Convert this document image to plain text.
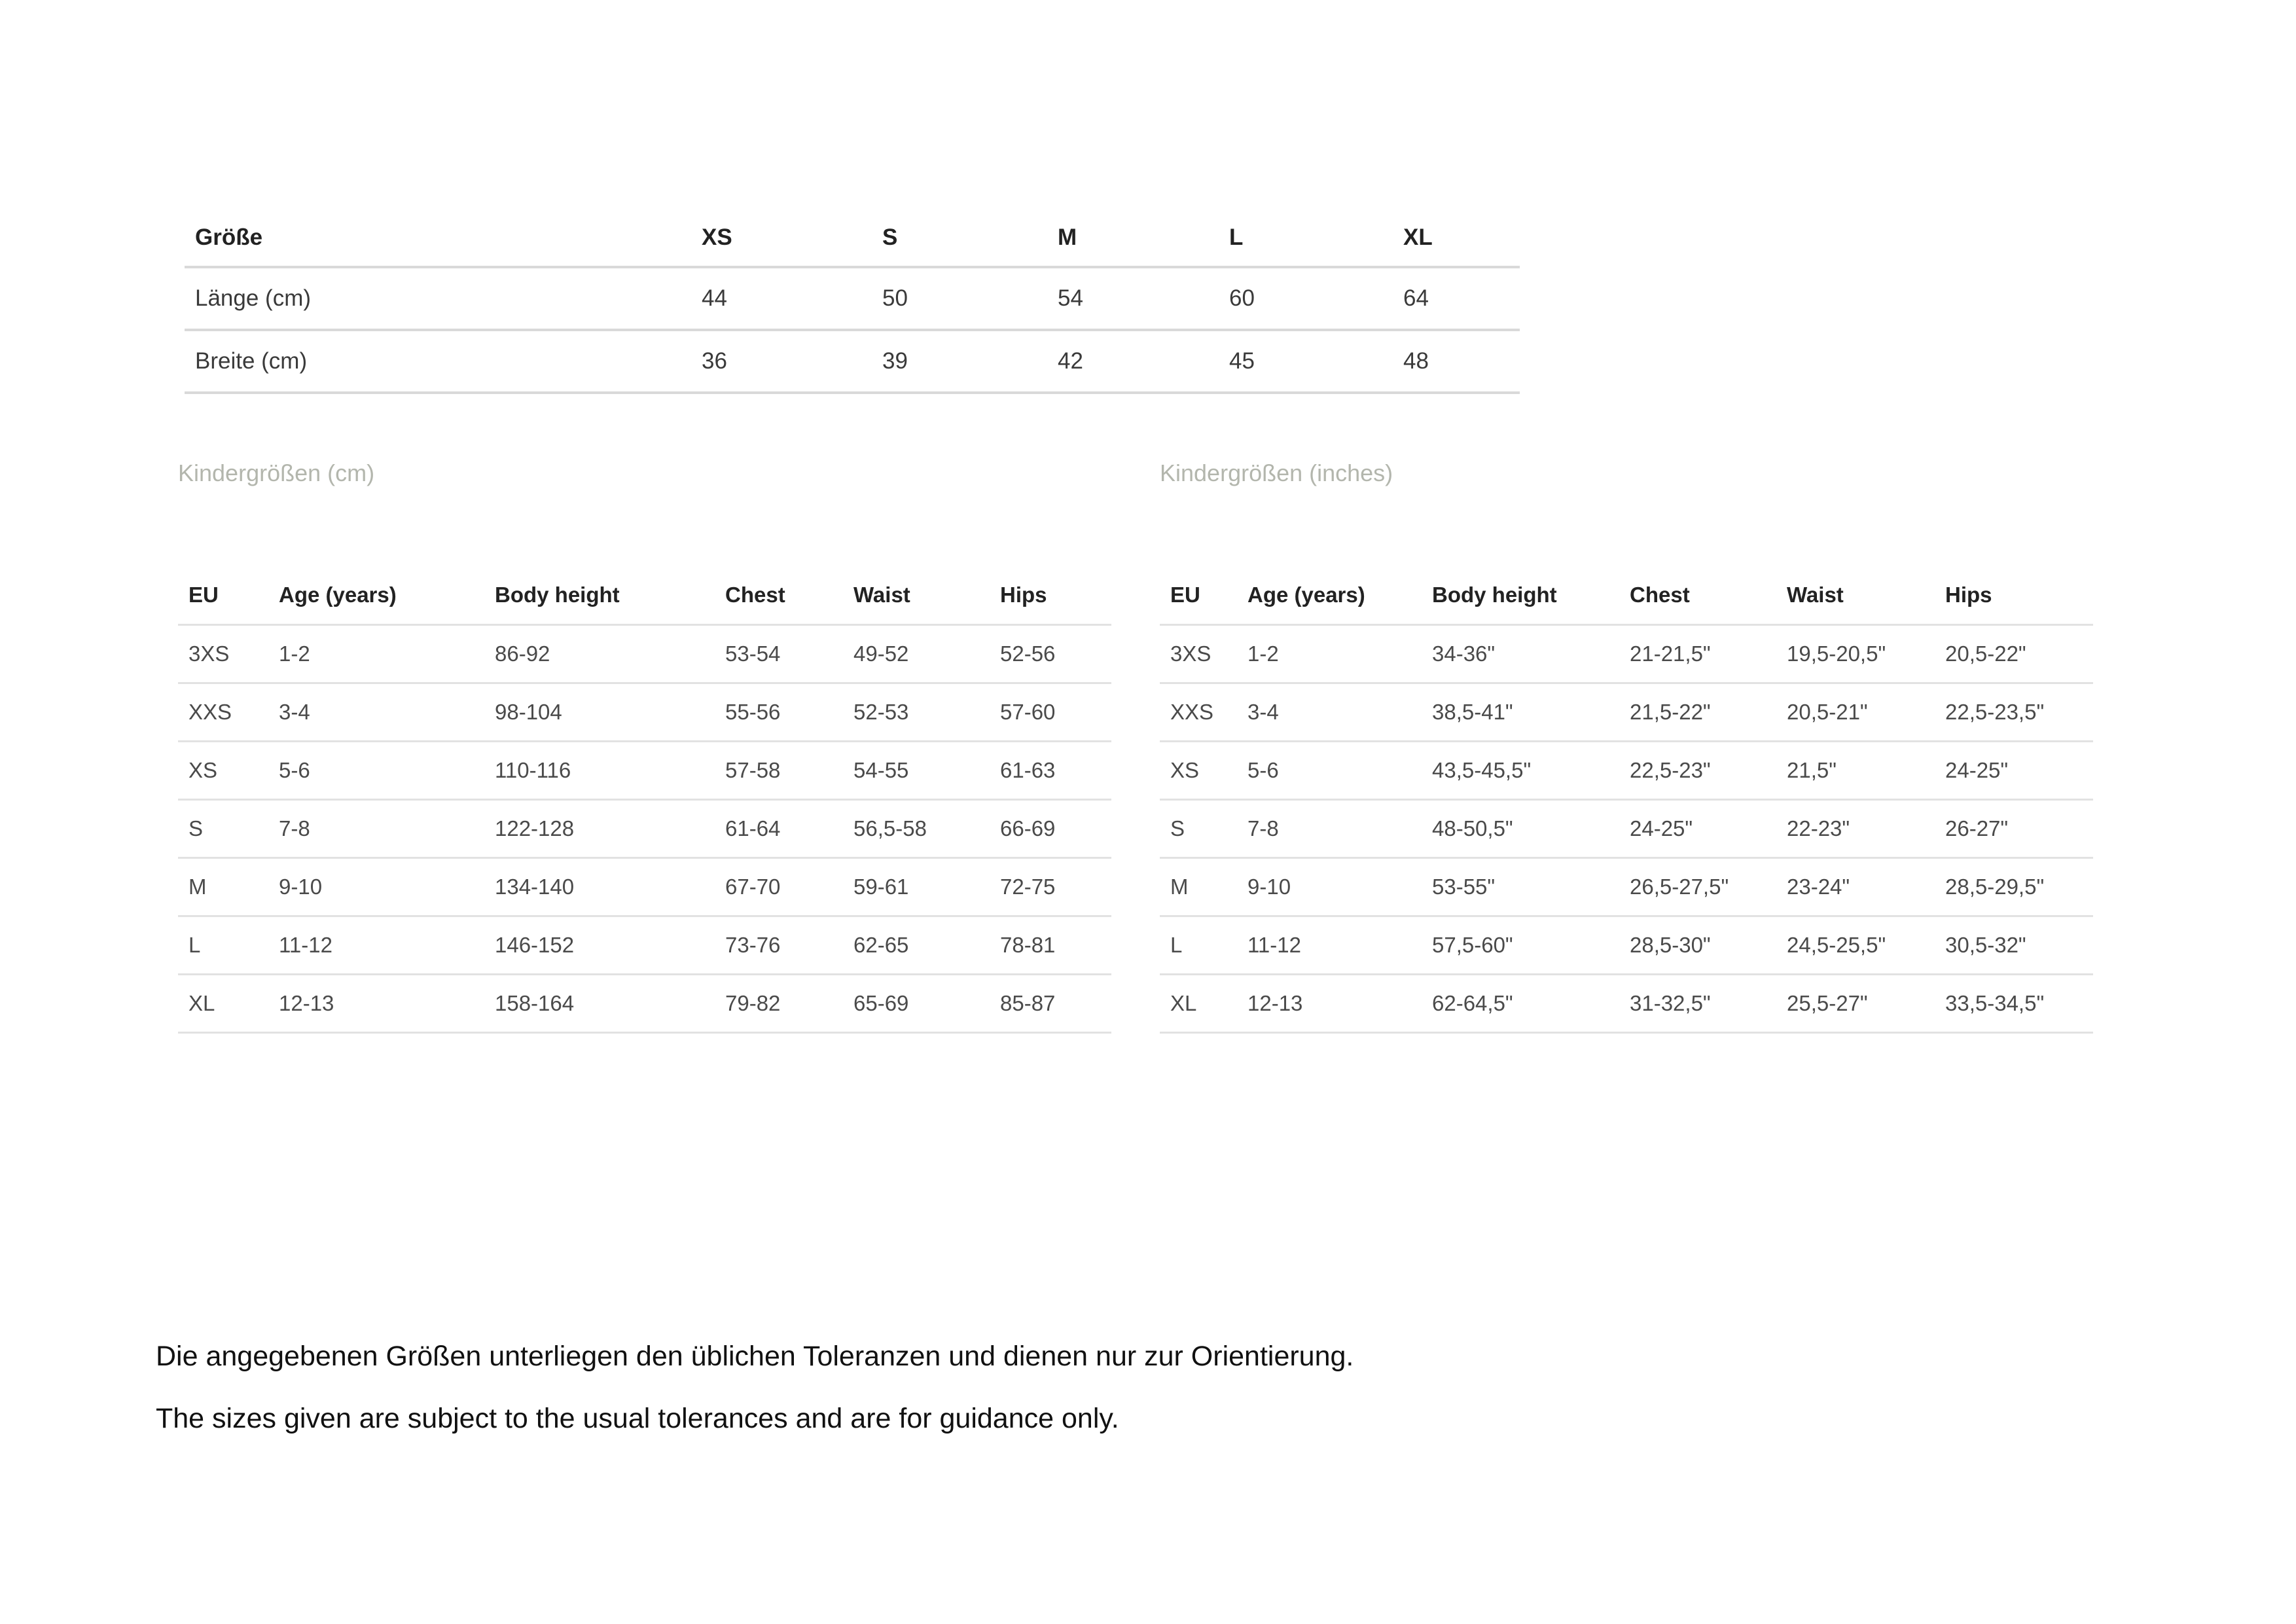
Größe	XS	S	M	L	XL
Länge (cm)	44	50	54	60	64
Breite (cm)	36	39	42	45	48
Kindergrößen (cm)	Kindergrößen (inches)
EU	Age (years)	Body height	Chest	Waist	Hips
3XS	1-2	86-92	53-54	49-52	52-56
XXS	3-4	98-104	55-56	52-53	57-60
XS	5-6	110-116	57-58	54-55	61-63
S	7-8	122-128	61-64	56,5-58	66-69
M	9-10	134-140	67-70	59-61	72-75
L	11-12	146-152	73-76	62-65	78-81
XL	12-13	158-164	79-82	65-69	85-87
EU	Age (years)	Body height	Chest	Waist	Hips
3XS	1-2	34-36"	21-21,5"	19,5-20,5"	20,5-22"
XXS	3-4	38,5-41"	21,5-22"	20,5-21"	22,5-23,5"
XS	5-6	43,5-45,5"	22,5-23"	21,5"	24-25"
S	7-8	48-50,5"	24-25"	22-23"	26-27"
M	9-10	53-55"	26,5-27,5"	23-24"	28,5-29,5"
L	11-12	57,5-60"	28,5-30"	24,5-25,5"	30,5-32"
XL	12-13	62-64,5"	31-32,5"	25,5-27"	33,5-34,5"

Die angegebenen Größen unterliegen den üblichen Toleranzen und dienen nur zur Orientierung.

The sizes given are subject to the usual tolerances and are for guidance only.
